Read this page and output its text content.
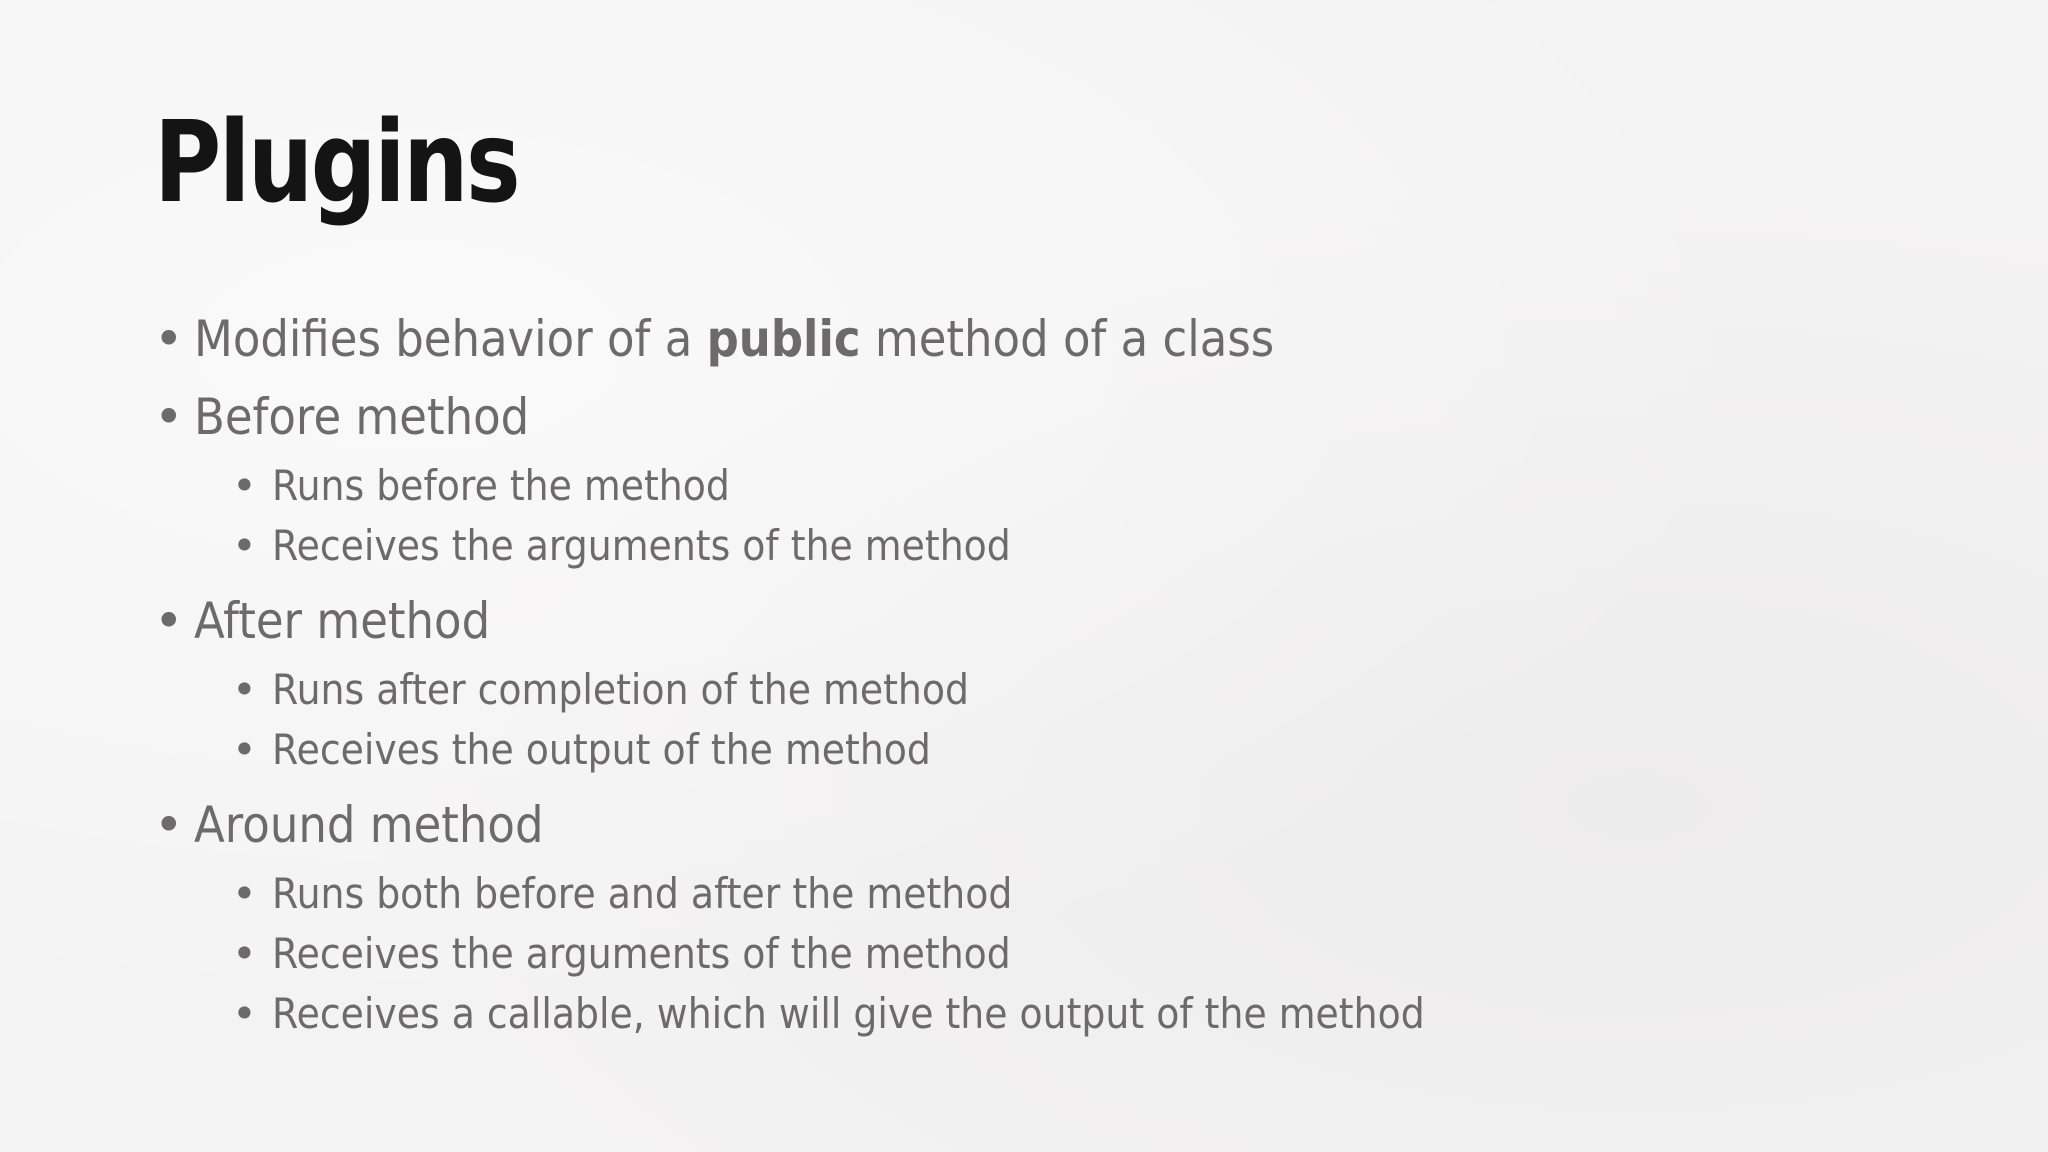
Plugins
• Modifies behavior of a public method of a class
• Before method
• Runs before the method
• Receives the arguments of the method
• After method
• Runs after completion of the method
• Receives the output of the method
• Around method
• Runs both before and after the method
• Receives the arguments of the method
• Receives a callable, which will give the output of the method
